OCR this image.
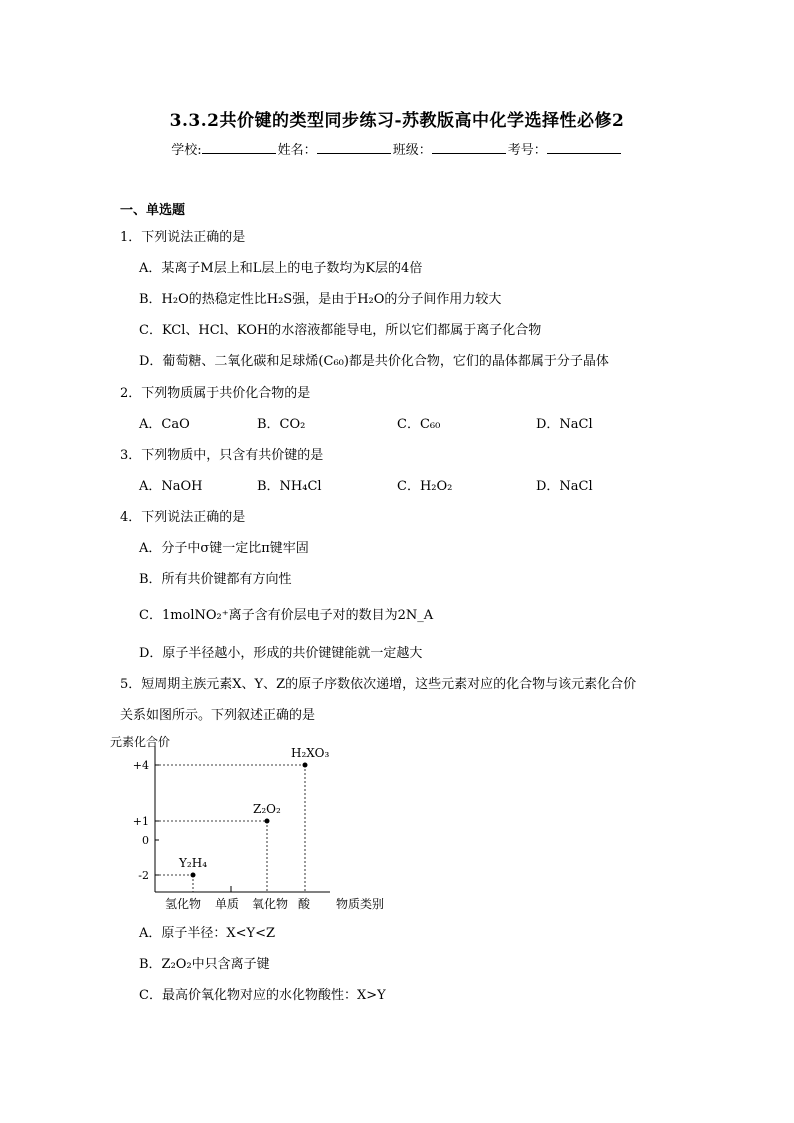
3.3.2共价键的类型同步练习-苏教版高中化学选择性必修2
学校:	姓名：	班级：	考号：
一、单选题
1．下列说法正确的是
A．某离子M层上和L层上的电子数均为K层的4倍
B．H₂O的热稳定性比H₂S强，是由于H₂O的分子间作用力较大
C．KCl、HCl、KOH的水溶液都能导电，所以它们都属于离子化合物
D．葡萄糖、二氧化碳和足球烯(C₆₀)都是共价化合物，它们的晶体都属于分子晶体
2．下列物质属于共价化合物的是
A．CaO	B．CO₂	C．C₆₀	D．NaCl
3．下列物质中，只含有共价键的是
A．NaOH	B．NH₄Cl	C．H₂O₂	D．NaCl
4．下列说法正确的是
A．分子中σ键一定比π键牢固
B．所有共价键都有方向性
C．1molNO₂⁺离子含有价层电子对的数目为2N_A
D．原子半径越小，形成的共价键键能就一定越大
5．短周期主族元素X、Y、Z的原子序数依次递增，这些元素对应的化合物与该元素化合价
关系如图所示。下列叙述正确的是
元素化合价
+4
+1
0
-2
氢化物 单质 氧化物 酸 物质类别
Y₂H₄
Z₂O₂
H₂XO₃
A．原子半径：X<Y<Z
B．Z₂O₂中只含离子键
C．最高价氧化物对应的水化物酸性：X>Y
